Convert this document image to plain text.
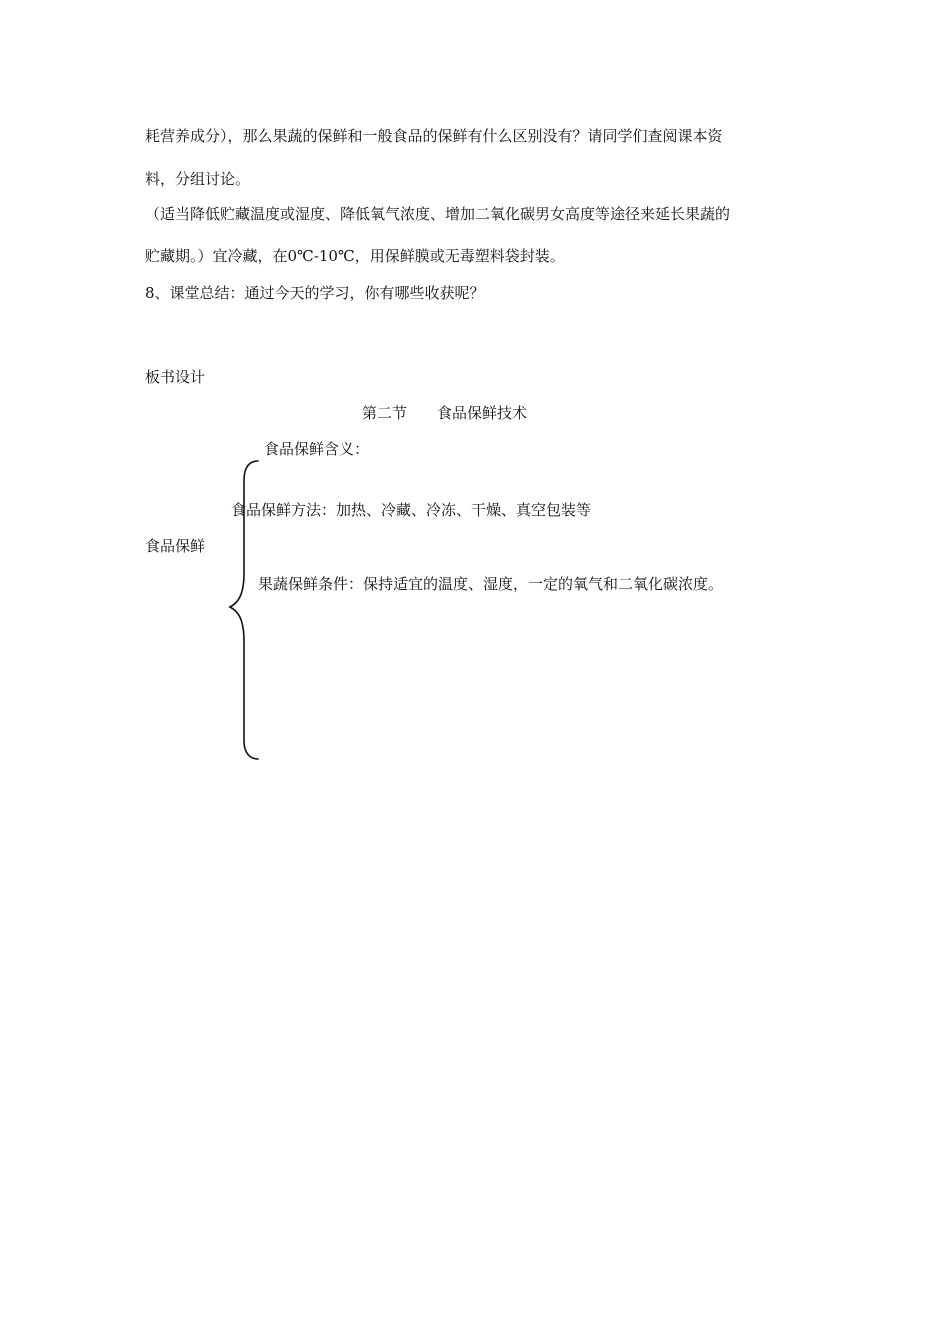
耗营养成分），那么果蔬的保鲜和一般食品的保鲜有什么区别没有？请同学们查阅课本资
料，分组讨论。
（适当降低贮藏温度或湿度、降低氧气浓度、增加二氧化碳男女高度等途径来延长果蔬的
贮藏期。）宜冷藏，在0℃-10℃，用保鲜膜或无毒塑料袋封装。
8、课堂总结：通过今天的学习，你有哪些收获呢？
板书设计
第二节　　食品保鲜技术
食品保鲜含义：
食品保鲜方法：加热、冷藏、冷冻、干燥、真空包装等
食品保鲜
果蔬保鲜条件：保持适宜的温度、湿度，一定的氧气和二氧化碳浓度。
